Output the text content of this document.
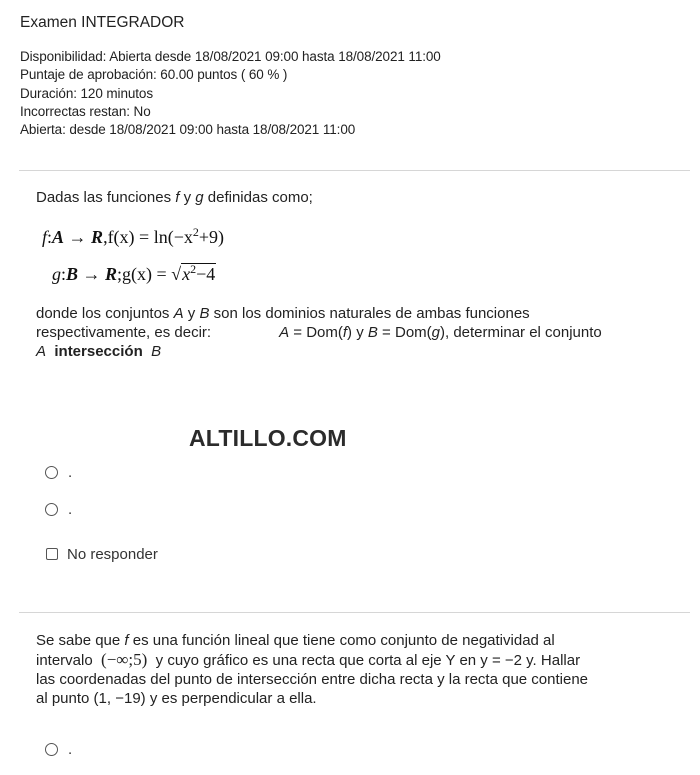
Examen INTEGRADOR
Disponibilidad: Abierta desde 18/08/2021 09:00 hasta 18/08/2021 11:00
Puntaje de aprobación: 60.00 puntos ( 60 % )
Duración: 120 minutos
Incorrectas restan: No
Abierta: desde 18/08/2021 09:00 hasta 18/08/2021 11:00
Dadas las funciones f y g definidas como;
f:A → $R,f(x) = \ln(-x^2+9)$
g:B → R;g(x) = $√x^2-4$
donde los conjuntos A y B son los dominios naturales de ambas funciones
respectivamente, es decir:	A = Dom(f) y B = Dom(g), determinar el conjunto
A intersección B
ALTILLO.COM
.
.
No responder
Se sabe que f es una función lineal que tiene como conjunto de negatividad al
intervalo (−∞;5) y cuyo gráfico es una recta que corta al eje Y en y = −2 y. Hallar
las coordenadas del punto de intersección entre dicha recta y la recta que contiene
al punto (1, −19) y es perpendicular a ella.
.
